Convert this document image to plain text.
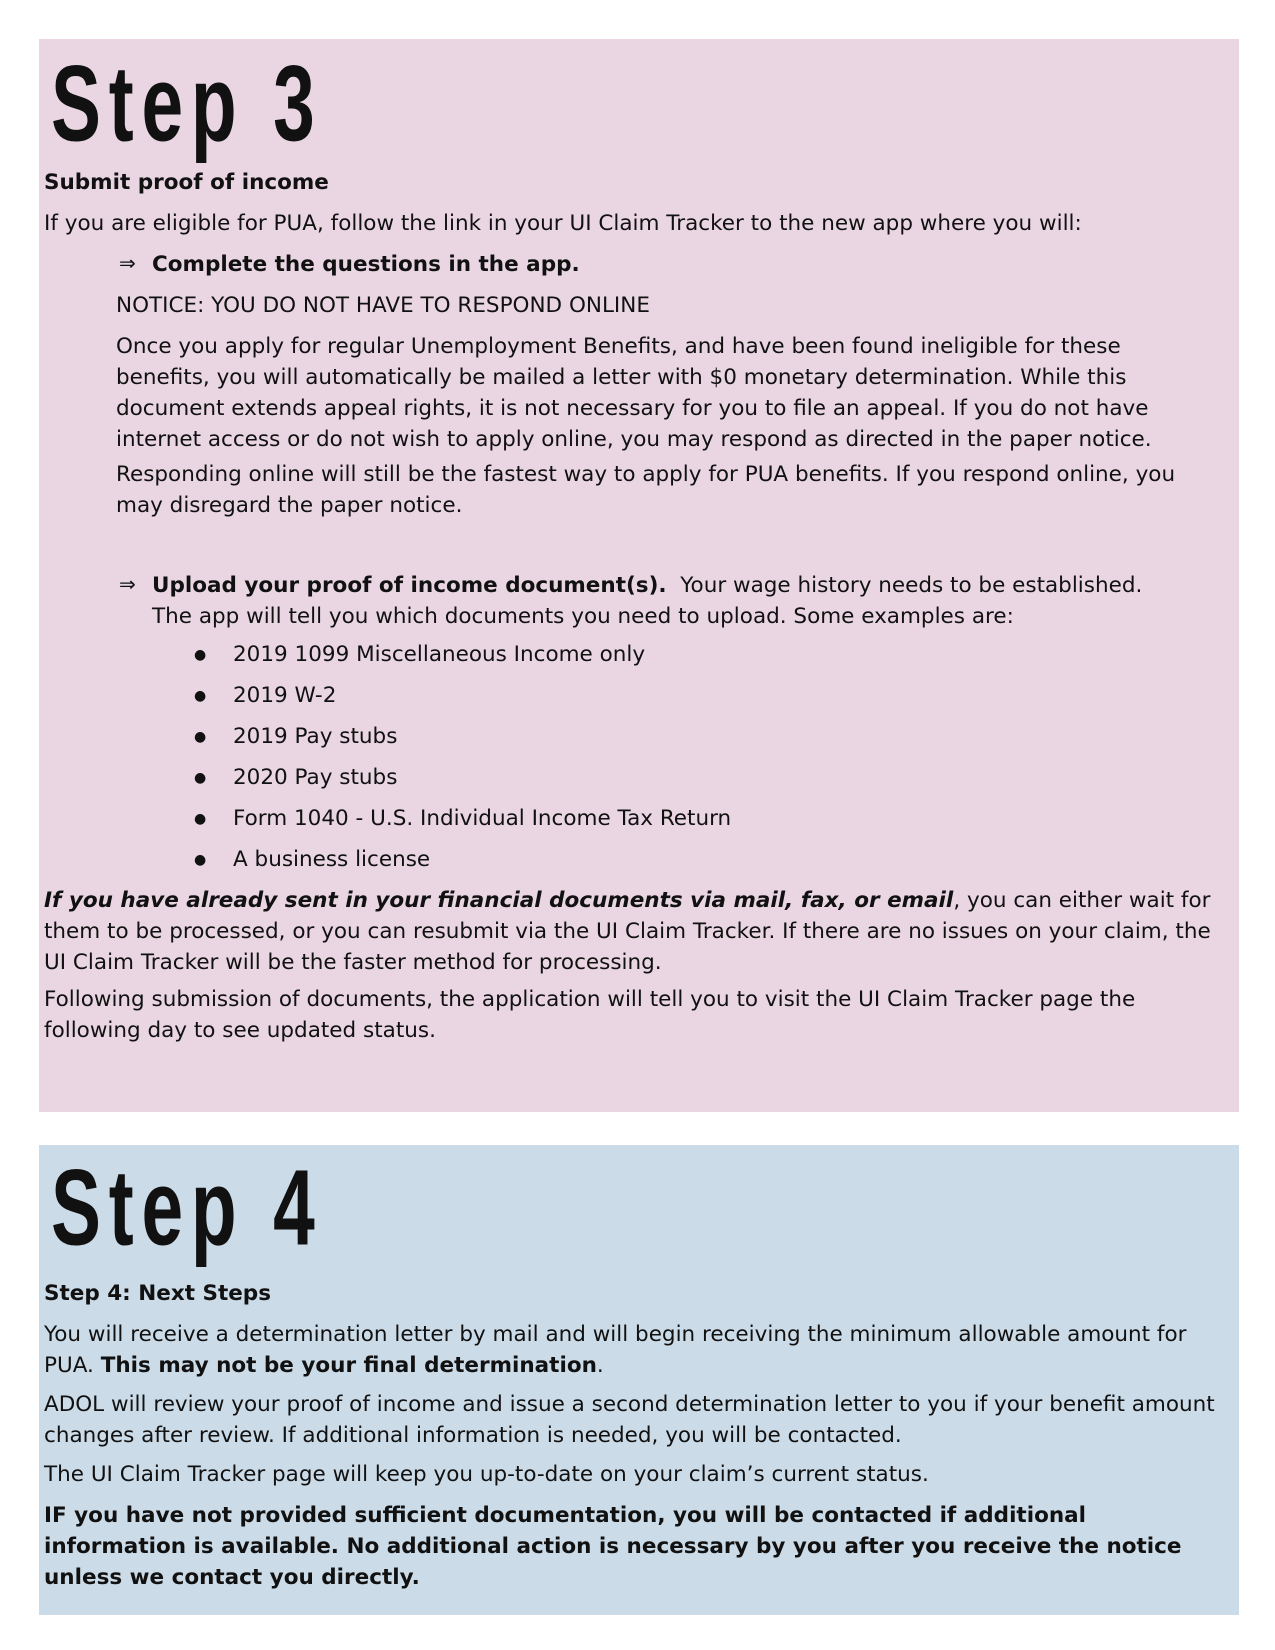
Step 3

Submit proof of income

If you are eligible for PUA, follow the link in your UI Claim Tracker to the new app where you will:

⇒ Complete the questions in the app.

NOTICE: YOU DO NOT HAVE TO RESPOND ONLINE

Once you apply for regular Unemployment Benefits, and have been found ineligible for these benefits, you will automatically be mailed a letter with $0 monetary determination. While this document extends appeal rights, it is not necessary for you to file an appeal. If you do not have internet access or do not wish to apply online, you may respond as directed in the paper notice.

Responding online will still be the fastest way to apply for PUA benefits. If you respond online, you may disregard the paper notice.

⇒ Upload your proof of income document(s). Your wage history needs to be established. The app will tell you which documents you need to upload. Some examples are:

● 2019 1099 Miscellaneous Income only
● 2019 W-2
● 2019 Pay stubs
● 2020 Pay stubs
● Form 1040 - U.S. Individual Income Tax Return
● A business license

If you have already sent in your financial documents via mail, fax, or email, you can either wait for them to be processed, or you can resubmit via the UI Claim Tracker. If there are no issues on your claim, the UI Claim Tracker will be the faster method for processing.

Following submission of documents, the application will tell you to visit the UI Claim Tracker page the following day to see updated status.

Step 4

Step 4: Next Steps

You will receive a determination letter by mail and will begin receiving the minimum allowable amount for PUA. This may not be your final determination.

ADOL will review your proof of income and issue a second determination letter to you if your benefit amount changes after review. If additional information is needed, you will be contacted.

The UI Claim Tracker page will keep you up-to-date on your claim’s current status.

IF you have not provided sufficient documentation, you will be contacted if additional information is available. No additional action is necessary by you after you receive the notice unless we contact you directly.
